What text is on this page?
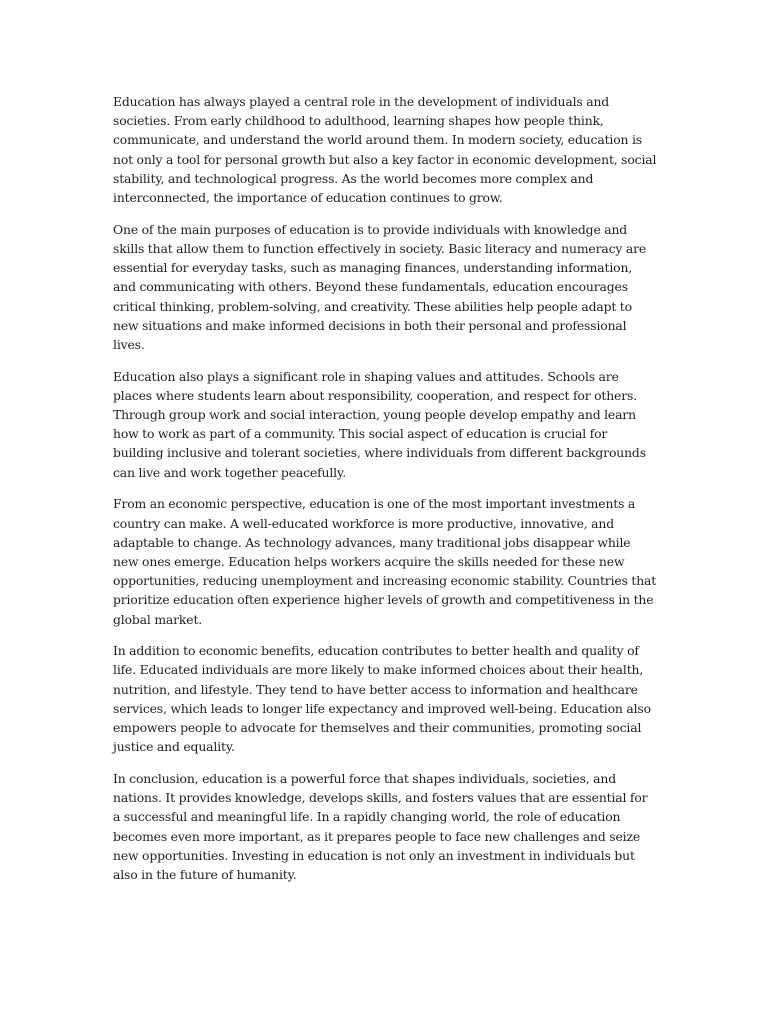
Education has always played a central role in the development of individuals and societies. From early childhood to adulthood, learning shapes how people think, communicate, and understand the world around them. In modern society, education is not only a tool for personal growth but also a key factor in economic development, social stability, and technological progress. As the world becomes more complex and interconnected, the importance of education continues to grow.

One of the main purposes of education is to provide individuals with knowledge and skills that allow them to function effectively in society. Basic literacy and numeracy are essential for everyday tasks, such as managing finances, understanding information, and communicating with others. Beyond these fundamentals, education encourages critical thinking, problem-solving, and creativity. These abilities help people adapt to new situations and make informed decisions in both their personal and professional lives.

Education also plays a significant role in shaping values and attitudes. Schools are places where students learn about responsibility, cooperation, and respect for others. Through group work and social interaction, young people develop empathy and learn how to work as part of a community. This social aspect of education is crucial for building inclusive and tolerant societies, where individuals from different backgrounds can live and work together peacefully.

From an economic perspective, education is one of the most important investments a country can make. A well-educated workforce is more productive, innovative, and adaptable to change. As technology advances, many traditional jobs disappear while new ones emerge. Education helps workers acquire the skills needed for these new opportunities, reducing unemployment and increasing economic stability. Countries that prioritize education often experience higher levels of growth and competitiveness in the global market.

In addition to economic benefits, education contributes to better health and quality of life. Educated individuals are more likely to make informed choices about their health, nutrition, and lifestyle. They tend to have better access to information and healthcare services, which leads to longer life expectancy and improved well-being. Education also empowers people to advocate for themselves and their communities, promoting social justice and equality.

In conclusion, education is a powerful force that shapes individuals, societies, and nations. It provides knowledge, develops skills, and fosters values that are essential for a successful and meaningful life. In a rapidly changing world, the role of education becomes even more important, as it prepares people to face new challenges and seize new opportunities. Investing in education is not only an investment in individuals but also in the future of humanity.
